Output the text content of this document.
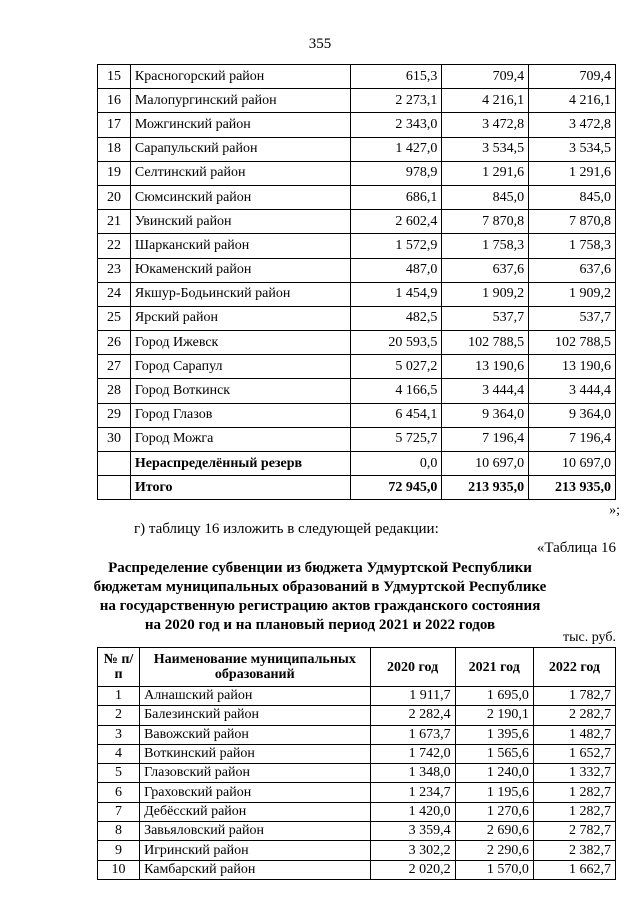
355
15	Красногорский район	615,3	709,4	709,4
16	Малопургинский район	2 273,1	4 216,1	4 216,1
17	Можгинский район	2 343,0	3 472,8	3 472,8
18	Сарапульский район	1 427,0	3 534,5	3 534,5
19	Селтинский район	978,9	1 291,6	1 291,6
20	Сюмсинский район	686,1	845,0	845,0
21	Увинский район	2 602,4	7 870,8	7 870,8
22	Шарканский район	1 572,9	1 758,3	1 758,3
23	Юкаменский район	487,0	637,6	637,6
24	Якшур-Бодьинский район	1 454,9	1 909,2	1 909,2
25	Ярский район	482,5	537,7	537,7
26	Город Ижевск	20 593,5	102 788,5	102 788,5
27	Город Сарапул	5 027,2	13 190,6	13 190,6
28	Город Воткинск	4 166,5	3 444,4	3 444,4
29	Город Глазов	6 454,1	9 364,0	9 364,0
30	Город Можга	5 725,7	7 196,4	7 196,4
	Нераспределённый резерв	0,0	10 697,0	10 697,0
	Итого	72 945,0	213 935,0	213 935,0
»;
г) таблицу 16 изложить в следующей редакции:
«Таблица 16
Распределение субвенции из бюджета Удмуртской Республики
бюджетам муниципальных образований в Удмуртской Республике
на государственную регистрацию актов гражданского состояния
на 2020 год и на плановый период 2021 и 2022 годов
тыс. руб.
№ п/п	Наименование муниципальных образований	2020 год	2021 год	2022 год
1	Алнашский район	1 911,7	1 695,0	1 782,7
2	Балезинский район	2 282,4	2 190,1	2 282,7
3	Вавожский район	1 673,7	1 395,6	1 482,7
4	Воткинский район	1 742,0	1 565,6	1 652,7
5	Глазовский район	1 348,0	1 240,0	1 332,7
6	Граховский район	1 234,7	1 195,6	1 282,7
7	Дебёсский район	1 420,0	1 270,6	1 282,7
8	Завьяловский район	3 359,4	2 690,6	2 782,7
9	Игринский район	3 302,2	2 290,6	2 382,7
10	Камбарский район	2 020,2	1 570,0	1 662,7
